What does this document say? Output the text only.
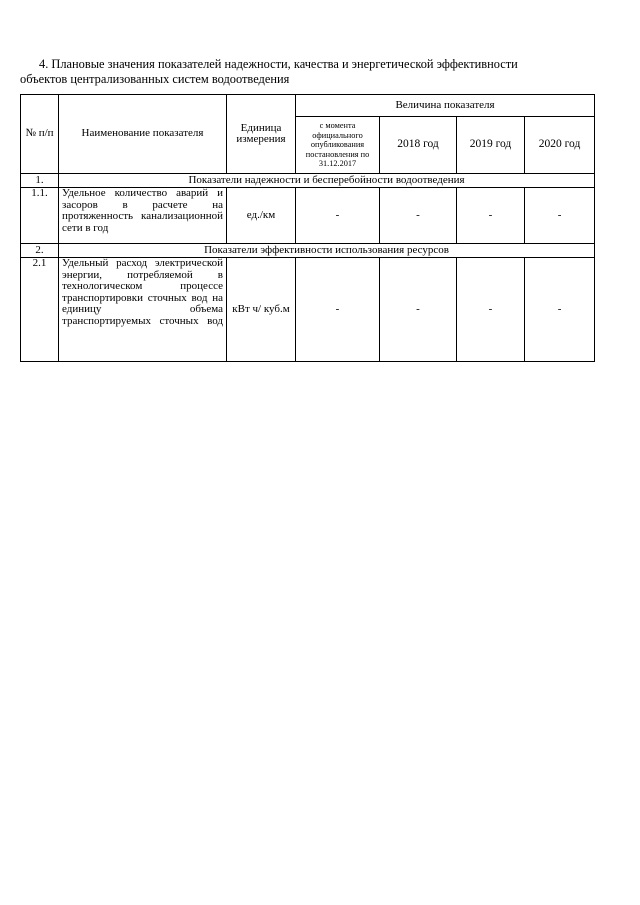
4. Плановые значения показателей надежности, качества и энергетической эффективности
объектов централизованных систем водоотведения
№ п/п	Наименование показателя	Единица измерения	Величина показателя			
			с момента официального опубликования постановления по 31.12.2017	2018 год	2019 год	2020 год
1.	Показатели надежности и бесперебойности водоотведения					
1.1.	Удельное количество аварий и засоров в расчете на протяженность канализационной сети в год	ед./км	-	-	-	-
2.	Показатели эффективности использования ресурсов					
2.1	Удельный расход электрической энергии, потребляемой в технологическом процессе транспортировки сточных вод на единицу объема транспортируемых сточных вод	кВт ч/ куб.м	-	-	-	-
